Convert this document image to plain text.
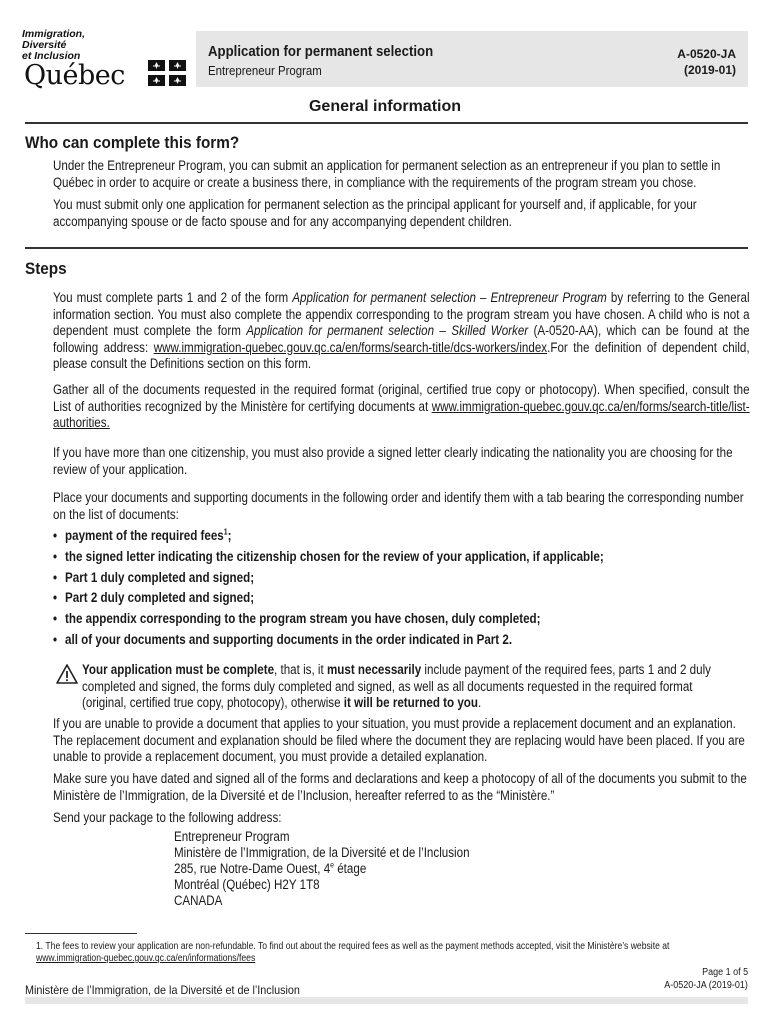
Immigration,
Diversité
et Inclusion
Québec
Application for permanent selection
Entrepreneur Program
A-0520-JA
(2019-01)
General information
Who can complete this form?
Under the Entrepreneur Program, you can submit an application for permanent selection as an entrepreneur if you plan to settle in Québec in order to acquire or create a business there, in compliance with the requirements of the program stream you chose.
You must submit only one application for permanent selection as the principal applicant for yourself and, if applicable, for your accompanying spouse or de facto spouse and for any accompanying dependent children.
Steps
You must complete parts 1 and 2 of the form Application for permanent selection – Entrepreneur Program by referring to the General information section. You must also complete the appendix corresponding to the program stream you have chosen. A child who is not a dependent must complete the form Application for permanent selection – Skilled Worker (A-0520-AA), which can be found at the following address: www.immigration-quebec.gouv.qc.ca/en/forms/search-title/dcs-workers/index.For the definition of dependent child, please consult the Definitions section on this form.
Gather all of the documents requested in the required format (original, certified true copy or photocopy). When specified, consult the List of authorities recognized by the Ministère for certifying documents at www.immigration-quebec.gouv.qc.ca/en/forms/search-title/list-authorities.
If you have more than one citizenship, you must also provide a signed letter clearly indicating the nationality you are choosing for the review of your application.
Place your documents and supporting documents in the following order and identify them with a tab bearing the corresponding number on the list of documents:
• payment of the required fees$^1$;
• the signed letter indicating the citizenship chosen for the review of your application, if applicable;
• Part 1 duly completed and signed;
• Part 2 duly completed and signed;
• the appendix corresponding to the program stream you have chosen, duly completed;
• all of your documents and supporting documents in the order indicated in Part 2.
Your application must be complete, that is, it must necessarily include payment of the required fees, parts 1 and 2 duly completed and signed, the forms duly completed and signed, as well as all documents requested in the required format (original, certified true copy, photocopy), otherwise it will be returned to you.
If you are unable to provide a document that applies to your situation, you must provide a replacement document and an explanation. The replacement document and explanation should be filed where the document they are replacing would have been placed. If you are unable to provide a replacement document, you must provide a detailed explanation.
Make sure you have dated and signed all of the forms and declarations and keep a photocopy of all of the documents you submit to the Ministère de l’Immigration, de la Diversité et de l’Inclusion, hereafter referred to as the “Ministère.”
Send your package to the following address:
Entrepreneur Program
Ministère de l’Immigration, de la Diversité et de l’Inclusion
285, rue Notre-Dame Ouest, 4e étage
Montréal (Québec) H2Y 1T8
CANADA
1. The fees to review your application are non-refundable. To find out about the required fees as well as the payment methods accepted, visit the Ministère’s website at www.immigration-quebec.gouv.qc.ca/en/informations/fees
Page 1 of 5
A-0520-JA (2019-01)
Ministère de l’Immigration, de la Diversité et de l’Inclusion
